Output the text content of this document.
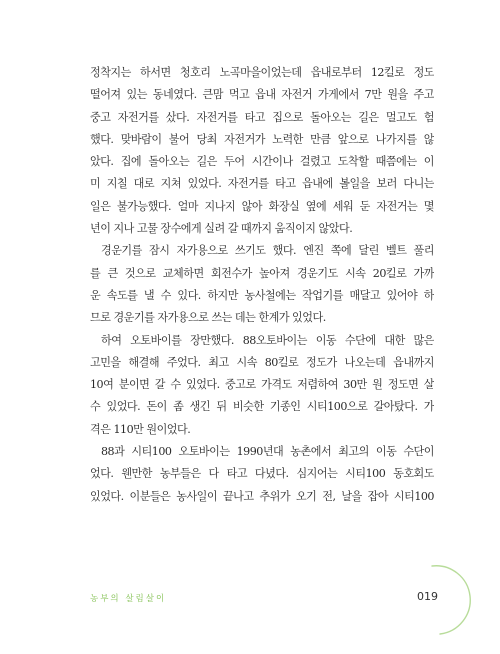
정착지는 하서면 청호리 노곡마을이었는데 읍내로부터 12킬로 정도
떨어져 있는 동네였다. 큰맘 먹고 읍내 자전거 가게에서 7만 원을 주고
중고 자전거를 샀다. 자전거를 타고 집으로 돌아오는 길은 멀고도 험
했다. 맞바람이 불어 당최 자전거가 노력한 만큼 앞으로 나가지를 않
았다. 집에 돌아오는 길은 두어 시간이나 걸렸고 도착할 때쯤에는 이
미 지칠 대로 지쳐 있었다. 자전거를 타고 읍내에 볼일을 보러 다니는
일은 불가능했다. 얼마 지나지 않아 화장실 옆에 세워 둔 자전거는 몇
년이 지나 고물 장수에게 실려 갈 때까지 움직이지 않았다.
경운기를 잠시 자가용으로 쓰기도 했다. 엔진 쪽에 달린 벨트 풀리
를 큰 것으로 교체하면 회전수가 높아져 경운기도 시속 20킬로 가까
운 속도를 낼 수 있다. 하지만 농사철에는 작업기를 매달고 있어야 하
므로 경운기를 자가용으로 쓰는 데는 한계가 있었다.
하여 오토바이를 장만했다. 88오토바이는 이동 수단에 대한 많은
고민을 해결해 주었다. 최고 시속 80킬로 정도가 나오는데 읍내까지
10여 분이면 갈 수 있었다. 중고로 가격도 저렴하여 30만 원 정도면 살
수 있었다. 돈이 좀 생긴 뒤 비슷한 기종인 시티100으로 갈아탔다. 가
격은 110만 원이었다.
88과 시티100 오토바이는 1990년대 농촌에서 최고의 이동 수단이
었다. 웬만한 농부들은 다 타고 다녔다. 심지어는 시티100 동호회도
있었다. 이분들은 농사일이 끝나고 추위가 오기 전, 날을 잡아 시티100
농부의 살림살이	019
